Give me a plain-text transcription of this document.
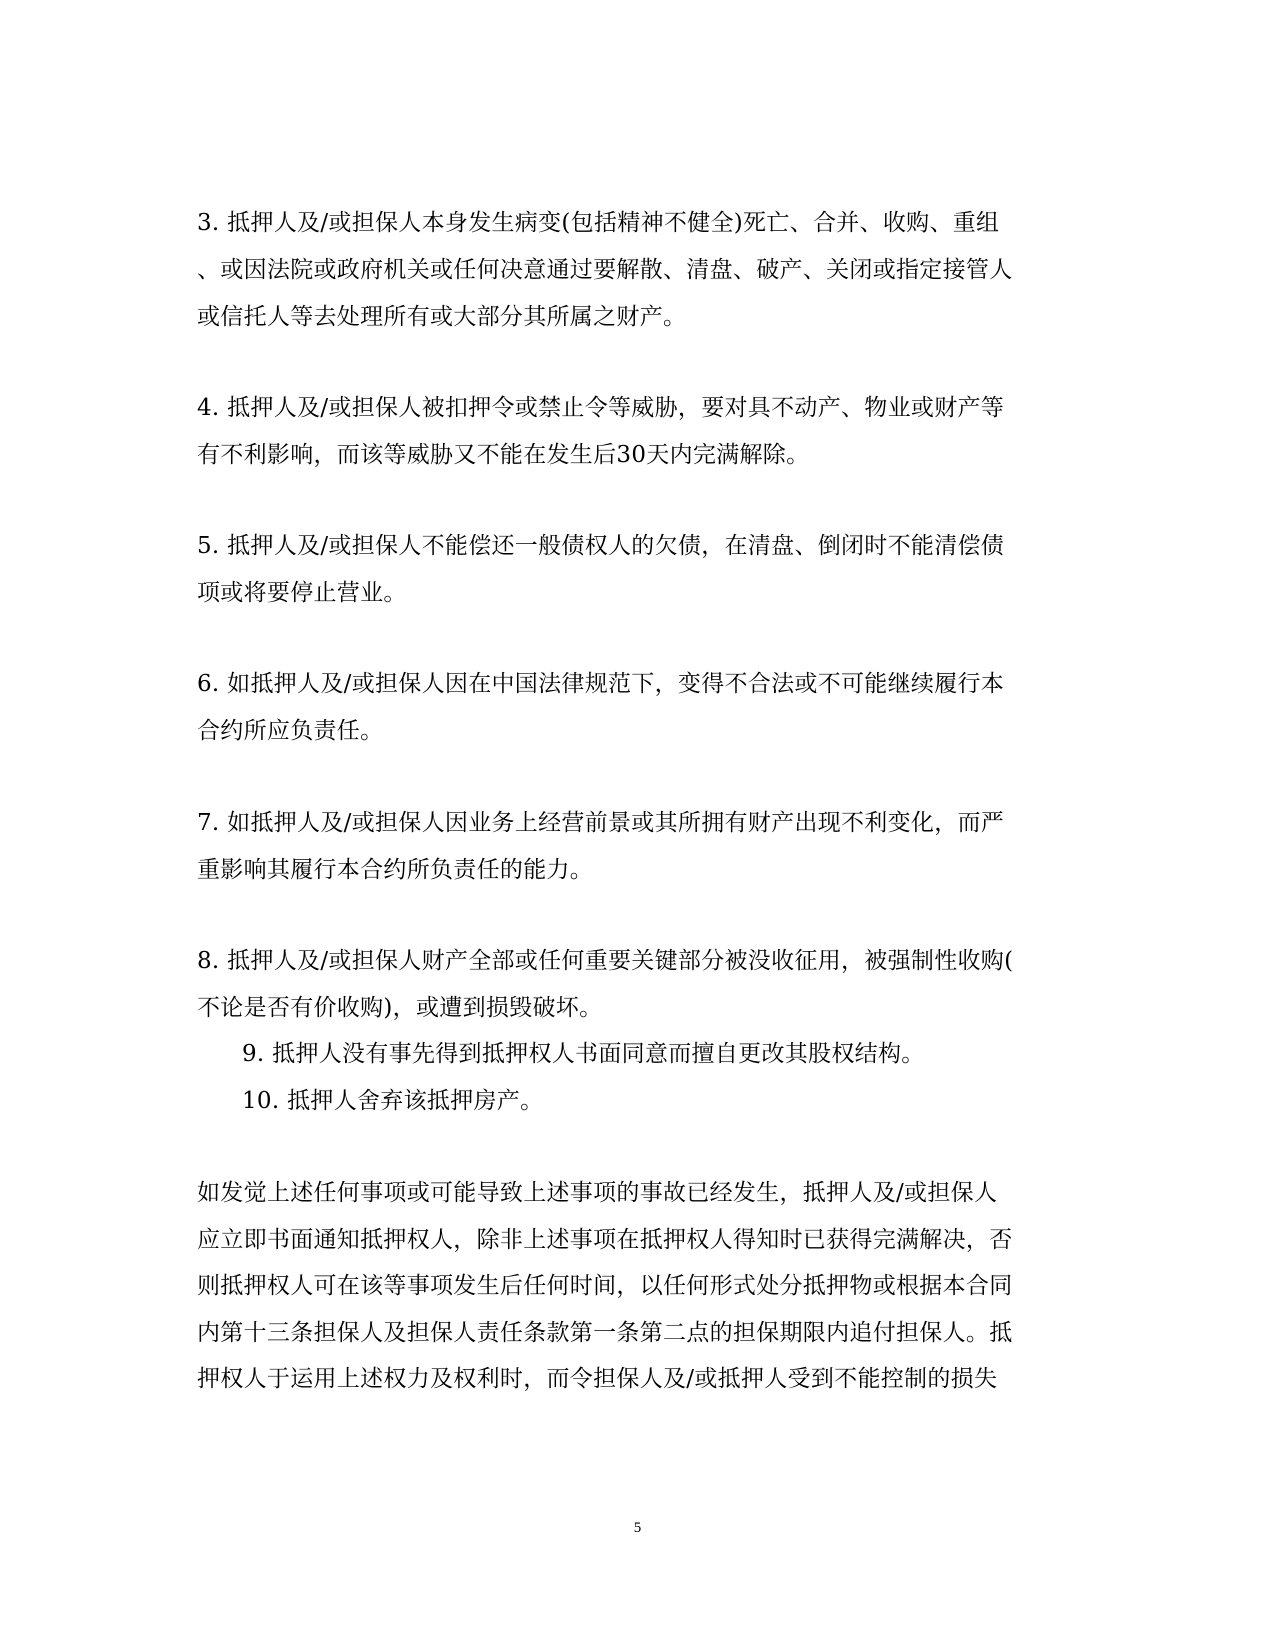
3. 抵押人及/或担保人本身发生病变(包括精神不健全)死亡、合并、收购、重组
、或因法院或政府机关或任何决意通过要解散、清盘、破产、关闭或指定接管人
或信托人等去处理所有或大部分其所属之财产。
4. 抵押人及/或担保人被扣押令或禁止令等威胁，要对具不动产、物业或财产等
有不利影响，而该等威胁又不能在发生后30天内完满解除。
5. 抵押人及/或担保人不能偿还一般债权人的欠债，在清盘、倒闭时不能清偿债
项或将要停止营业。
6. 如抵押人及/或担保人因在中国法律规范下，变得不合法或不可能继续履行本
合约所应负责任。
7. 如抵押人及/或担保人因业务上经营前景或其所拥有财产出现不利变化，而严
重影响其履行本合约所负责任的能力。
8. 抵押人及/或担保人财产全部或任何重要关键部分被没收征用，被强制性收购(
不论是否有价收购)，或遭到损毁破坏。
9. 抵押人没有事先得到抵押权人书面同意而擅自更改其股权结构。
10. 抵押人舍弃该抵押房产。
如发觉上述任何事项或可能导致上述事项的事故已经发生，抵押人及/或担保人
应立即书面通知抵押权人，除非上述事项在抵押权人得知时已获得完满解决，否
则抵押权人可在该等事项发生后任何时间，以任何形式处分抵押物或根据本合同
内第十三条担保人及担保人责任条款第一条第二点的担保期限内追付担保人。抵
押权人于运用上述权力及权利时，而令担保人及/或抵押人受到不能控制的损失
5
